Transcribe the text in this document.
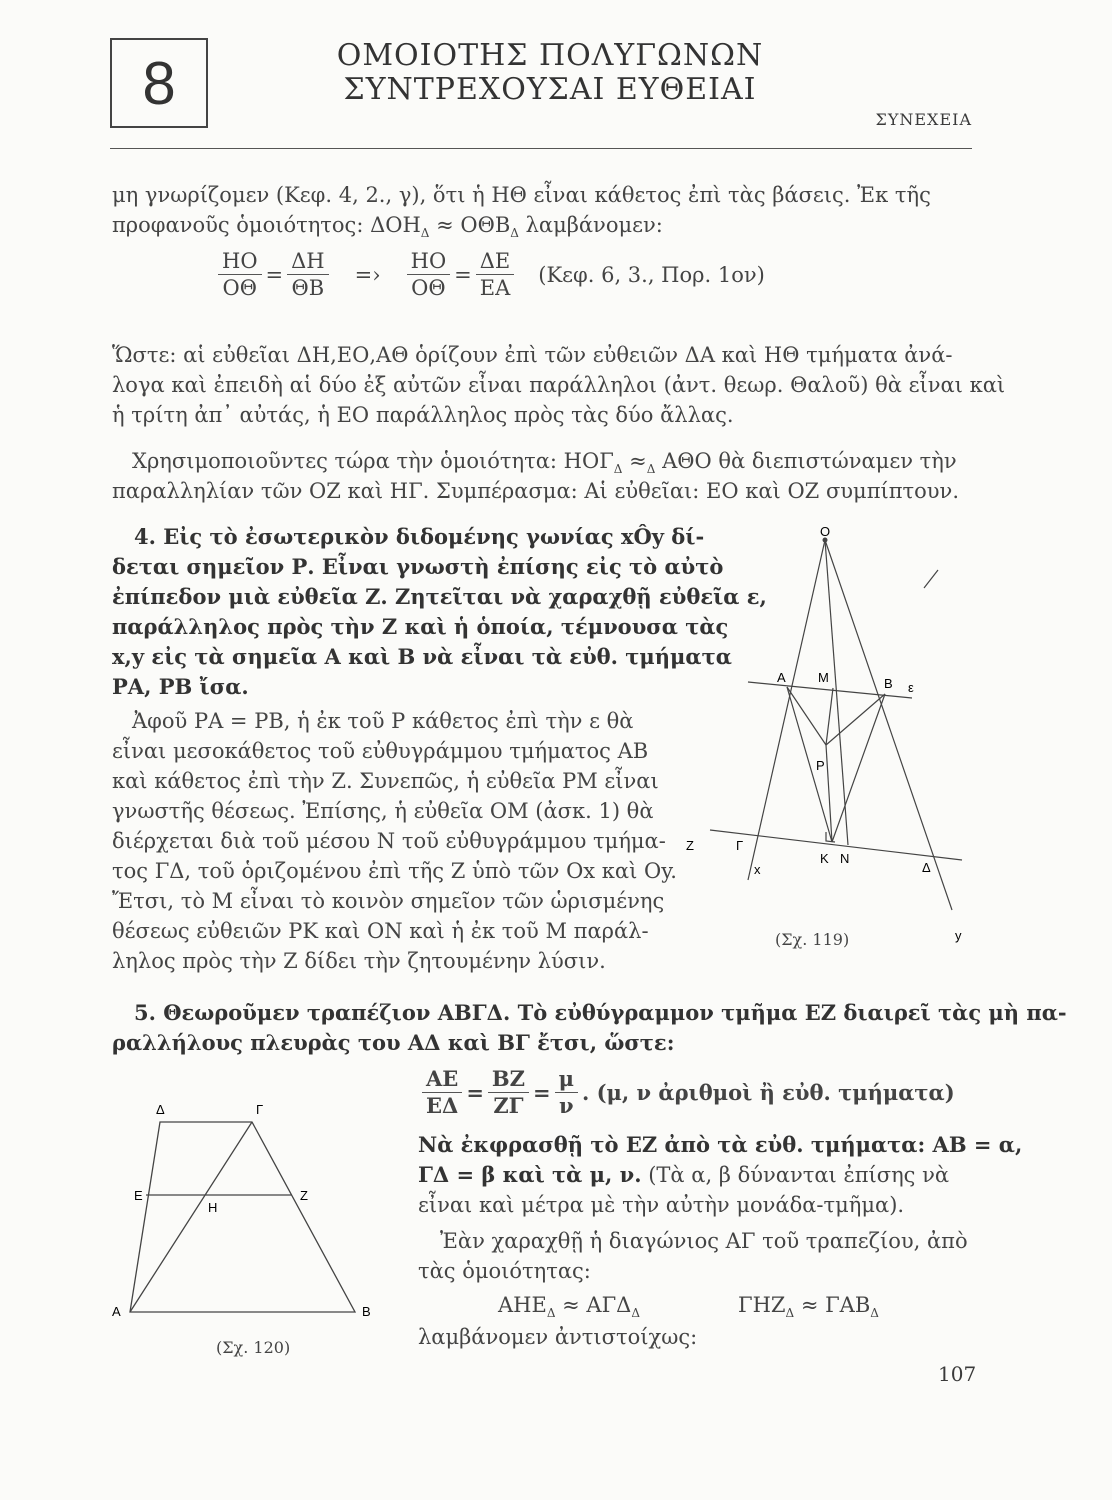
8	ΟΜΟΙΟΤΗΣ ΠΟΛΥΓΩΝΩΝ
ΣΥΝΤΡΕΧΟΥΣΑΙ ΕΥΘΕΙΑΙ
ΣΥΝΕΧΕΙΑ
μη γνωρίζομεν (Κεφ. 4, 2., γ), ὅτι ἡ ΗΘ εἶναι κάθετος ἐπὶ τὰς βάσεις. Ἐκ τῆς
προφανοῦς ὁμοιότητος: $\Delta OH_\Delta \approx O\Theta B_\Delta$ λαμβάνομεν:
$\frac{HO}{O\Theta} = \frac{\Delta H}{\Theta B}$ =› $\frac{HO}{O\Theta} = \frac{\Delta E}{EA} (K\varepsilon\varphi$. 6, 3., Πορ. 1ον)
Ὥστε: αἱ εὐθεῖαι ΔΗ,ΕΟ,ΑΘ ὁρίζουν ἐπὶ τῶν εὐθειῶν ΔΑ καὶ ΗΘ τμήματα ἀνά-
λογα καὶ ἐπειδὴ αἱ δύο ἐξ αὐτῶν εἶναι παράλληλοι (ἀντ. θεωρ. Θαλοῦ) θὰ εἶναι καὶ
ἡ τρίτη ἀπ᾽ αὐτάς, ἡ ΕΟ παράλληλος πρὸς τὰς δύο ἄλλας.
Χρησιμοποιοῦντες τώρα τὴν ὁμοιότητα: $HO\Gamma_\Delta \approx_\Delta$ ΑΘΟ θὰ διεπιστώναμεν τὴν
παραλληλίαν τῶν ΟΖ καὶ ΗΓ. Συμπέρασμα: Αἱ εὐθεῖαι: ΕΟ καὶ ΟΖ συμπίπτουν.
4. Εἰς τὸ ἐσωτερικὸν διδομένης γωνίας xÔy δί-
δεται σημεῖον Ρ. Εἶναι γνωστὴ ἐπίσης εἰς τὸ αὐτὸ
ἐπίπεδον μιὰ εὐθεῖα Ζ. Ζητεῖται νὰ χαραχθῇ εὐθεῖα ε,
παράλληλος πρὸς τὴν Ζ καὶ ἡ ὁποία, τέμνουσα τὰς
x,y εἰς τὰ σημεῖα Α καὶ Β νὰ εἶναι τὰ εὐθ. τμήματα
ΡΑ, ΡΒ ἴσα.
Ἀφοῦ ΡΑ = ΡΒ, ἡ ἐκ τοῦ Ρ κάθετος ἐπὶ τὴν ε θὰ
εἶναι μεσοκάθετος τοῦ εὐθυγράμμου τμήματος ΑΒ
καὶ κάθετος ἐπὶ τὴν Ζ. Συνεπῶς, ἡ εὐθεῖα ΡΜ εἶναι
γνωστῆς θέσεως. Ἐπίσης, ἡ εὐθεῖα ΟΜ (ἀσκ. 1) θὰ
διέρχεται διὰ τοῦ μέσου Ν τοῦ εὐθυγράμμου τμήμα-
τος ΓΔ, τοῦ ὁριζομένου ἐπὶ τῆς Ζ ὑπὸ τῶν Οx καὶ Οy.
Ἔτσι, τὸ Μ εἶναι τὸ κοινὸν σημεῖον τῶν ὡρισμένης
θέσεως εὐθειῶν ΡΚ καὶ ΟΝ καὶ ἡ ἐκ τοῦ Μ παράλ-
ληλος πρὸς τὴν Ζ δίδει τὴν ζητουμένην λύσιν.
O
A M	B ε
P
Z	Γ
x
K N
Δ
y
(Σχ. 119)
5. Θεωροῦμεν τραπέζιον ΑΒΓΔ. Τὸ εὐθύγραμμον τμῆμα ΕΖ διαιρεῖ τὰς μὴ πα-
ραλλήλους πλευρὰς του ΑΔ καὶ ΒΓ ἔτσι, ὥστε:
$\frac{AE}{E\Delta} = \frac{BZ}{Z\Gamma} = \frac{\mu}{\nu}$ . (μ, ν ἀριθμοὶ ἢ εὐθ. τμήματα)
Νὰ ἐκφρασθῇ τὸ ΕΖ ἀπὸ τὰ εὐθ. τμήματα: ΑΒ = α,
ΓΔ = β καὶ τὰ μ, ν. (Τὰ α, β δύνανται ἐπίσης νὰ
εἶναι καὶ μέτρα μὲ τὴν αὐτὴν μονάδα-τμῆμα).
Ἐὰν χαραχθῇ ἡ διαγώνιος ΑΓ τοῦ τραπεζίου, ἀπὸ
τὰς ὁμοιότητας:
$AHE_\Delta \approx A\Gamma\Delta_\Delta$	$\Gamma HZ_\Delta \approx \Gamma AB_\Delta$
λαμβάνομεν ἀντιστοίχως:
Δ	Γ
E
H
Z
A	B
(Σχ. 120)
107
